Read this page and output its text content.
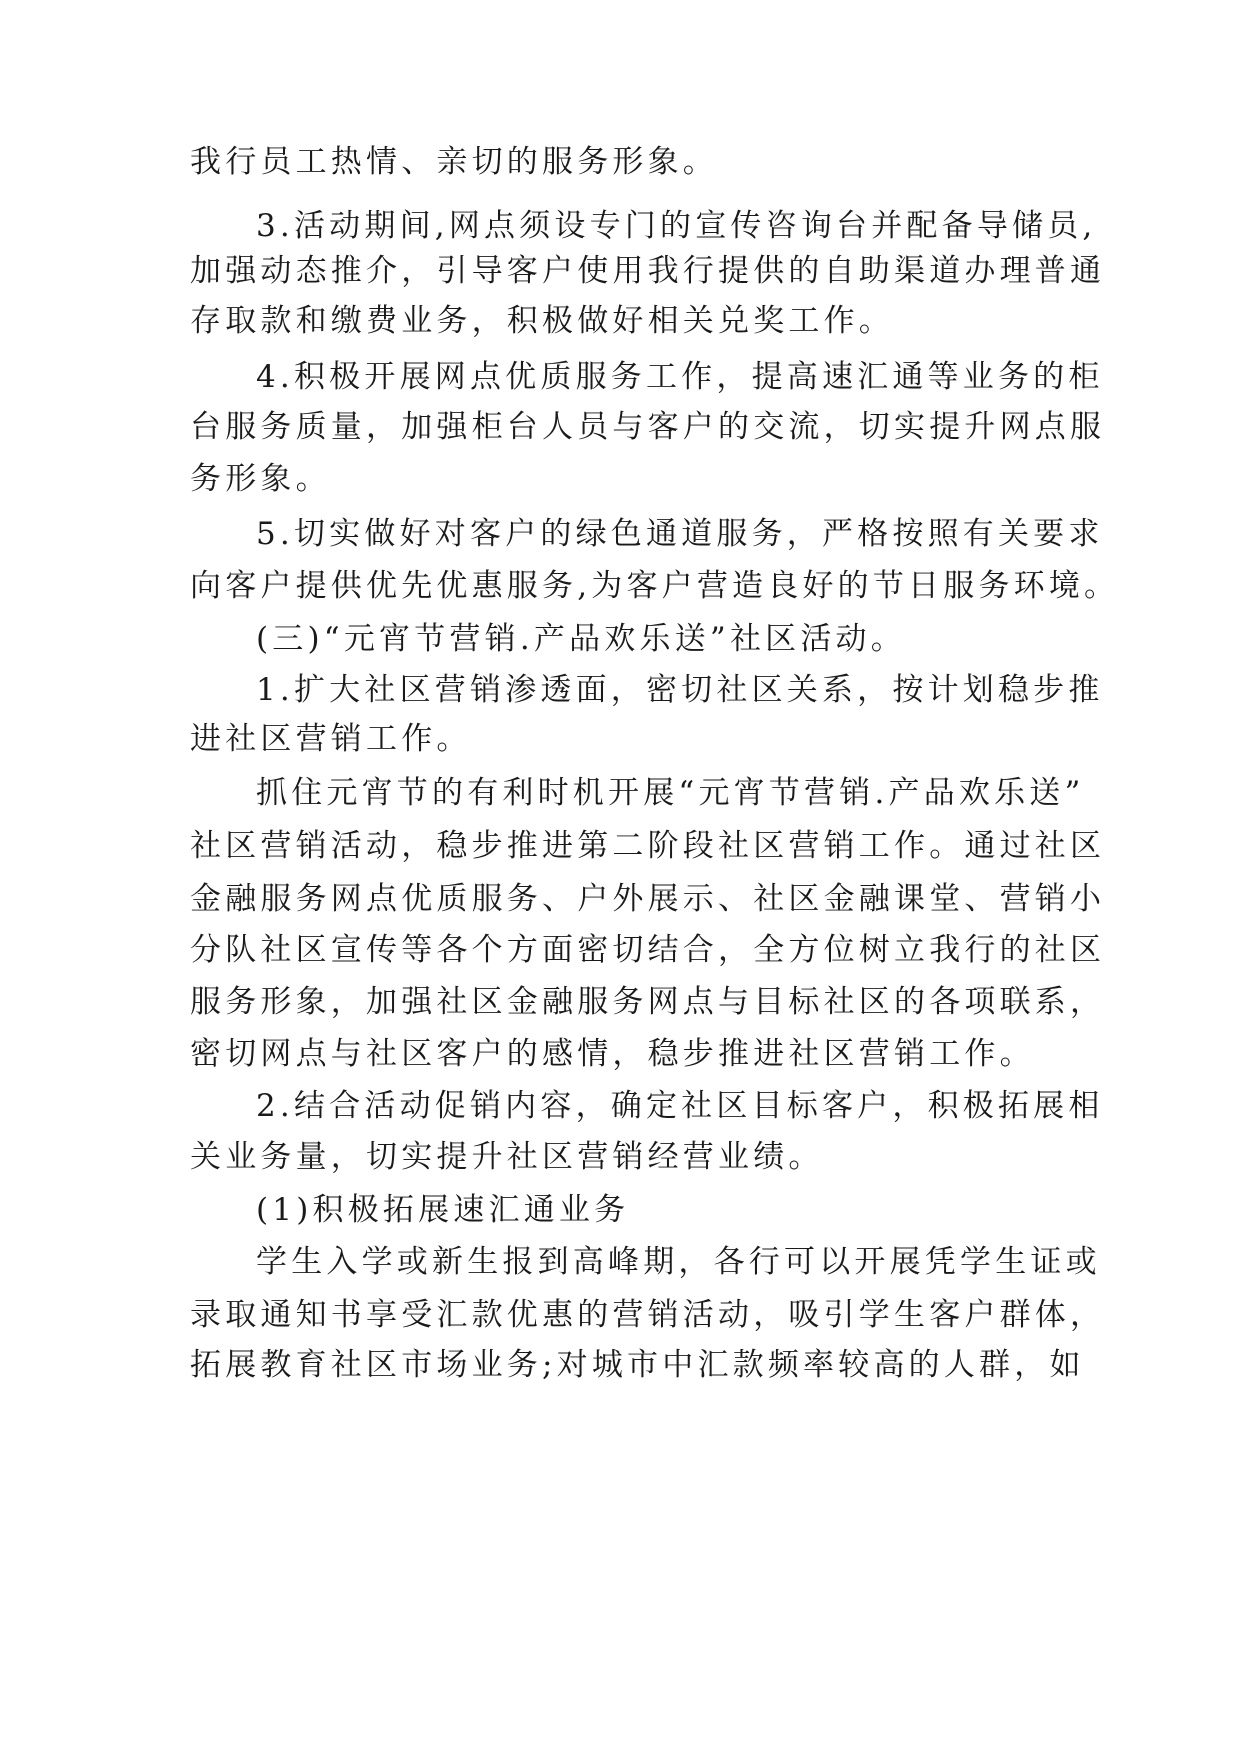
我行员工热情、亲切的服务形象。
3.活动期间,网点须设专门的宣传咨询台并配备导储员,
加强动态推介，引导客户使用我行提供的自助渠道办理普通
存取款和缴费业务，积极做好相关兑奖工作。
4.积极开展网点优质服务工作，提高速汇通等业务的柜
台服务质量，加强柜台人员与客户的交流，切实提升网点服
务形象。
5.切实做好对客户的绿色通道服务，严格按照有关要求
向客户提供优先优惠服务,为客户营造良好的节日服务环境。
(三)“元宵节营销.产品欢乐送”社区活动。
1.扩大社区营销渗透面，密切社区关系，按计划稳步推
进社区营销工作。
抓住元宵节的有利时机开展“元宵节营销.产品欢乐送”
社区营销活动，稳步推进第二阶段社区营销工作。通过社区
金融服务网点优质服务、户外展示、社区金融课堂、营销小
分队社区宣传等各个方面密切结合，全方位树立我行的社区
服务形象，加强社区金融服务网点与目标社区的各项联系，
密切网点与社区客户的感情，稳步推进社区营销工作。
2.结合活动促销内容，确定社区目标客户，积极拓展相
关业务量，切实提升社区营销经营业绩。
(1)积极拓展速汇通业务
学生入学或新生报到高峰期，各行可以开展凭学生证或
录取通知书享受汇款优惠的营销活动，吸引学生客户群体，
拓展教育社区市场业务;对城市中汇款频率较高的人群，如
